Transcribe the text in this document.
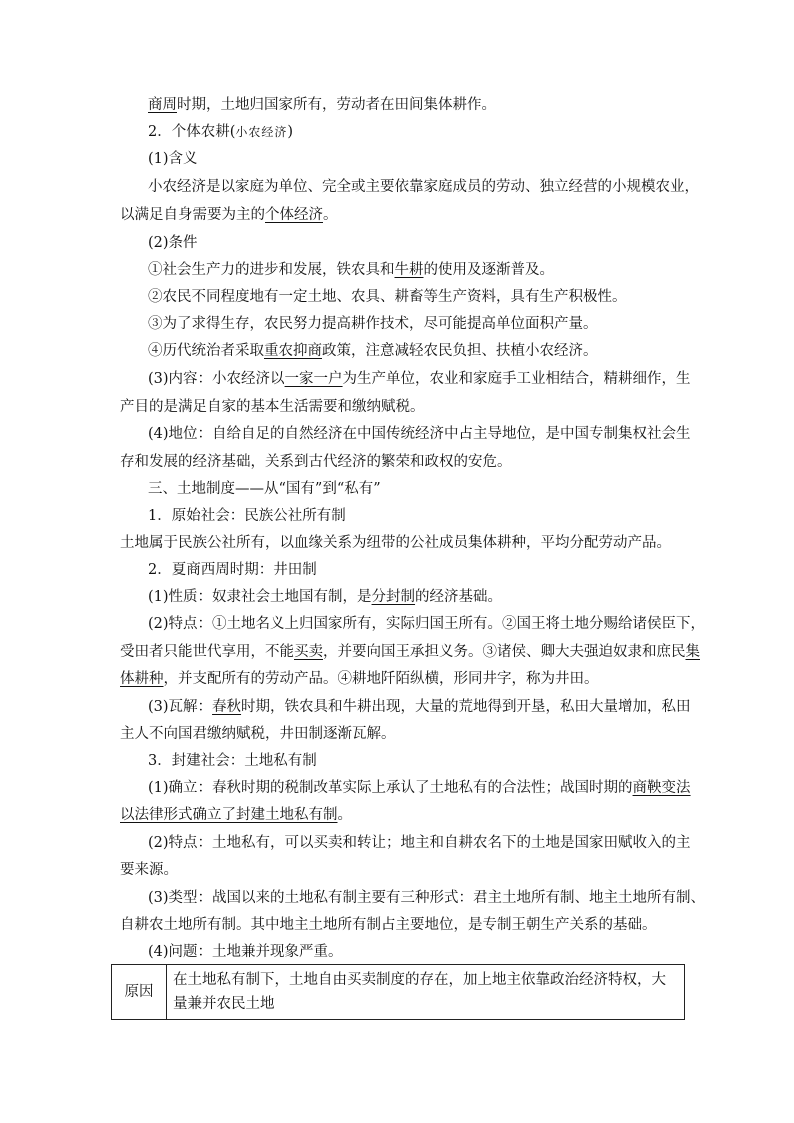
商周时期，土地归国家所有，劳动者在田间集体耕作。
2．个体农耕(小农经济)
(1)含义
小农经济是以家庭为单位、完全或主要依靠家庭成员的劳动、独立经营的小规模农业，
以满足自身需要为主的个体经济。
(2)条件
①社会生产力的进步和发展，铁农具和牛耕的使用及逐渐普及。
②农民不同程度地有一定土地、农具、耕畜等生产资料，具有生产积极性。
③为了求得生存，农民努力提高耕作技术，尽可能提高单位面积产量。
④历代统治者采取重农抑商政策，注意减轻农民负担、扶植小农经济。
(3)内容：小农经济以一家一户为生产单位，农业和家庭手工业相结合，精耕细作，生
产目的是满足自家的基本生活需要和缴纳赋税。
(4)地位：自给自足的自然经济在中国传统经济中占主导地位，是中国专制集权社会生
存和发展的经济基础，关系到古代经济的繁荣和政权的安危。
三、土地制度——从“国有”到“私有”
1．原始社会：民族公社所有制
土地属于民族公社所有，以血缘关系为纽带的公社成员集体耕种，平均分配劳动产品。
2．夏商西周时期：井田制
(1)性质：奴隶社会土地国有制，是分封制的经济基础。
(2)特点：①土地名义上归国家所有，实际归国王所有。②国王将土地分赐给诸侯臣下，
受田者只能世代享用，不能买卖，并要向国王承担义务。③诸侯、卿大夫强迫奴隶和庶民集
体耕种，并支配所有的劳动产品。④耕地阡陌纵横，形同井字，称为井田。
(3)瓦解：春秋时期，铁农具和牛耕出现，大量的荒地得到开垦，私田大量增加，私田
主人不向国君缴纳赋税，井田制逐渐瓦解。
3．封建社会：土地私有制
(1)确立：春秋时期的税制改革实际上承认了土地私有的合法性；战国时期的商鞅变法
以法律形式确立了封建土地私有制。
(2)特点：土地私有，可以买卖和转让；地主和自耕农名下的土地是国家田赋收入的主
要来源。
(3)类型：战国以来的土地私有制主要有三种形式：君主土地所有制、地主土地所有制、
自耕农土地所有制。其中地主土地所有制占主要地位，是专制王朝生产关系的基础。
(4)问题：土地兼并现象严重。
原因	在土地私有制下，土地自由买卖制度的存在，加上地主依靠政治经济特权，大量兼并农民土地
